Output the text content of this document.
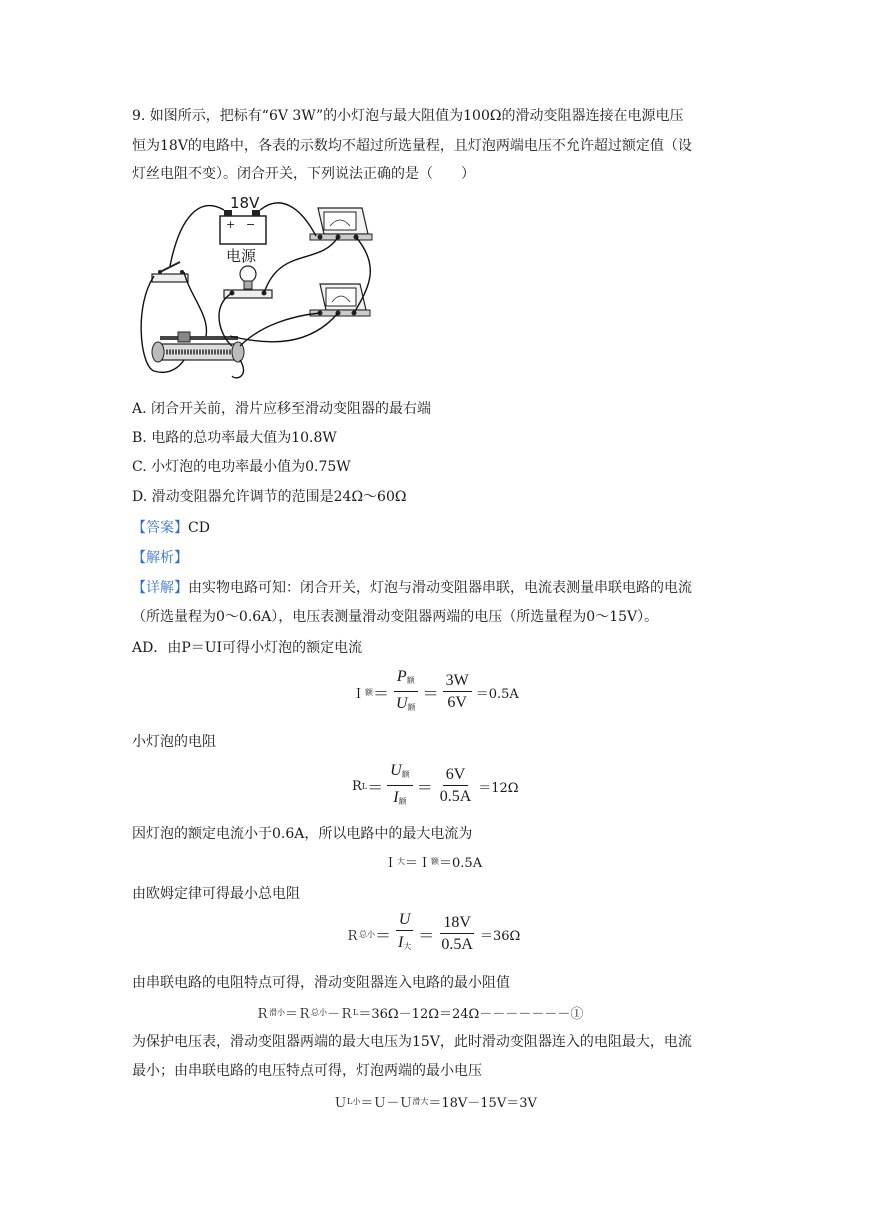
9. 如图所示，把标有“6V 3W”的小灯泡与最大阻值为100Ω的滑动变阻器连接在电源电压

恒为18V的电路中，各表的示数均不超过所选量程，且灯泡两端电压不允许超过额定值（设

灯丝电阻不变）。闭合开关，下列说法正确的是（　　）

18V
+ −
电源

A. 闭合开关前，滑片应移至滑动变阻器的最右端

B. 电路的总功率最大值为10.8W

C. 小灯泡的电功率最小值为0.75W

D. 滑动变阻器允许调节的范围是24Ω～60Ω

【答案】CD

【解析】

【详解】由实物电路可知：闭合开关，灯泡与滑动变阻器串联，电流表测量串联电路的电流

（所选量程为0～0.6A），电压表测量滑动变阻器两端的电压（所选量程为0～15V）。

AD．由P＝UI可得小灯泡的额定电流

Ｉ 额 ＝ $\frac{P_额}{U_额} = \frac{3W}{6V} =0.5A$

小灯泡的电阻

R $L = \frac{U_额}{I_额} = \frac{6V}{0.5A} =12\Omega$

因灯泡的额定电流小于0.6A，所以电路中的最大电流为

Ｉ 大 ＝Ｉ 额 ＝0.5A

由欧姆定律可得最小总电阻

Ｒ 总小 ＝ $\frac{U}{I_大} = \frac{18V}{0.5A} =36\Omega$

由串联电路的电阻特点可得，滑动变阻器连入电路的最小阻值

Ｒ 滑小 ＝Ｒ 总小 －Ｒ L ＝36Ω－12Ω＝24Ω－－－－－－－①

为保护电压表，滑动变阻器两端的最大电压为15V，此时滑动变阻器连入的电阻最大，电流

最小；由串联电路的电压特点可得，灯泡两端的最小电压

Ｕ L小 ＝Ｕ－Ｕ 滑大 ＝18V－15V＝3V
